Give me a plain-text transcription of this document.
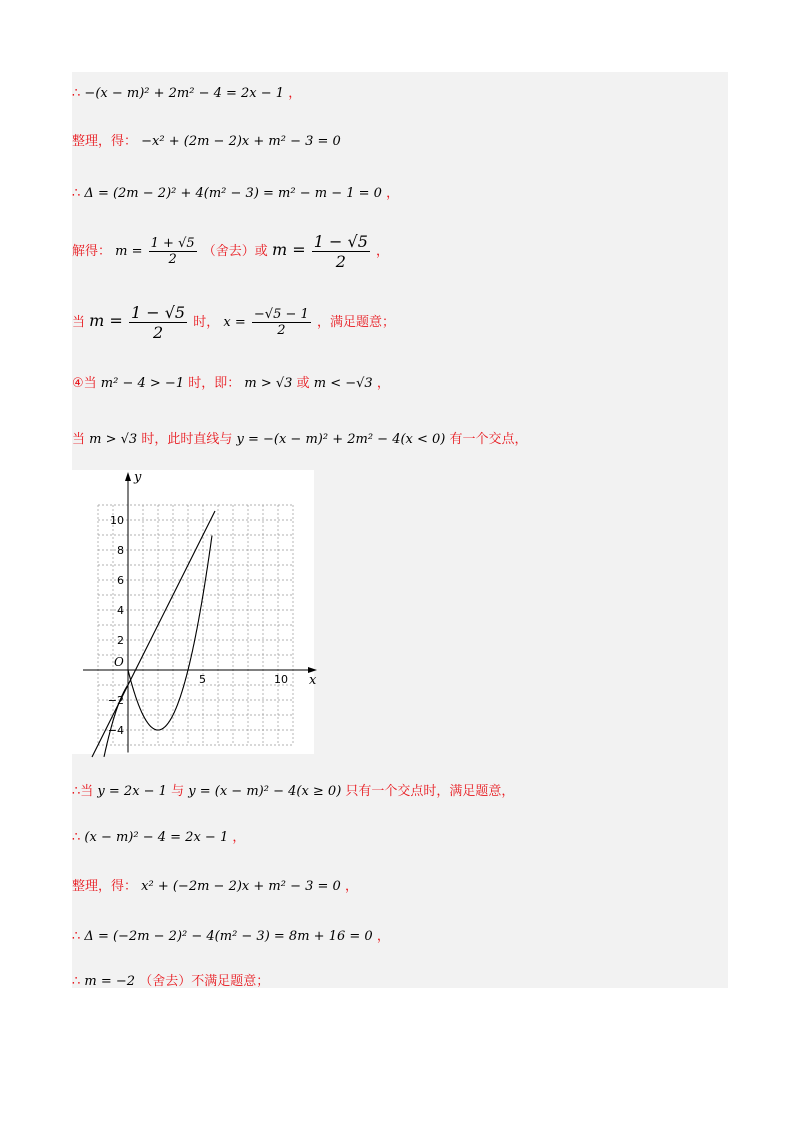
∴ −(x − m)² + 2m² − 4 = 2x − 1 ，
整理，得： −x² + (2m − 2)x + m² − 3 = 0
∴ Δ = (2m − 2)² + 4(m² − 3) = m² − m − 1 = 0 ，
解得： $m = \frac{1 + √5}{2}$ （舍去）或 $m = \frac{1 - √5}{2}$ ，
当 $m = \frac{1 - √5}{2}$ 时， $x = \frac{-√5 - 1}{2}$ ，满足题意；
④当 m² − 4 > −1 时，即： m > √3 或 m < −√3 ，
当 m > √3 时，此时直线与 y = −(x − m)² + 2m² − 4(x < 0) 有一个交点，
x
y
O
5	10
10
8
6
4
2
−2
−4
∴当 y = 2x − 1 与 y = (x − m)² − 4(x ≥ 0) 只有一个交点时，满足题意，
∴ (x − m)² − 4 = 2x − 1 ，
整理，得： x² + (−2m − 2)x + m² − 3 = 0 ，
∴ Δ = (−2m − 2)² − 4(m² − 3) = 8m + 16 = 0 ，
∴ m = −2 （舍去）不满足题意；
